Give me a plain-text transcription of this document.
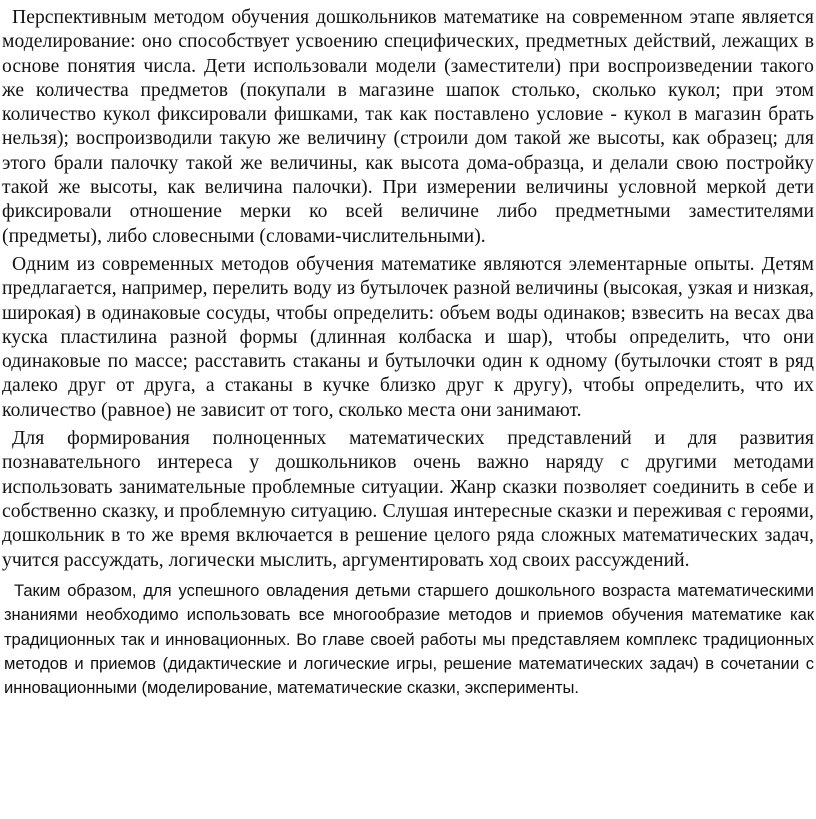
Перспективным методом обучения дошкольников математике на современном этапе является моделирование: оно способствует усвоению специфических, предметных действий, лежащих в основе понятия числа. Дети использовали модели (заместители) при воспроизведении такого же количества предметов (покупали в магазине шапок столько, сколько кукол; при этом количество кукол фиксировали фишками, так как поставлено условие - кукол в магазин брать нельзя); воспроизводили такую же величину (строили дом такой же высоты, как образец; для этого брали палочку такой же величины, как высота дома-образца, и делали свою постройку такой же высоты, как величина палочки). При измерении величины условной меркой дети фиксировали отношение мерки ко всей величине либо предметными заместителями (предметы), либо словесными (словами-числительными).

Одним из современных методов обучения математике являются элементарные опыты. Детям предлагается, например, перелить воду из бутылочек разной величины (высокая, узкая и низкая, широкая) в одинаковые сосуды, чтобы определить: объем воды одинаков; взвесить на весах два куска пластилина разной формы (длинная колбаска и шар), чтобы определить, что они одинаковые по массе; расставить стаканы и бутылочки один к одному (бутылочки стоят в ряд далеко друг от друга, а стаканы в кучке близко друг к другу), чтобы определить, что их количество (равное) не зависит от того, сколько места они занимают.

Для формирования полноценных математических представлений и для развития познавательного интереса у дошкольников очень важно наряду с другими методами использовать занимательные проблемные ситуации. Жанр сказки позволяет соединить в себе и собственно сказку, и проблемную ситуацию. Слушая интересные сказки и переживая с героями, дошкольник в то же время включается в решение целого ряда сложных математических задач, учится рассуждать, логически мыслить, аргументировать ход своих рассуждений.

Таким образом, для успешного овладения детьми старшего дошкольного возраста математическими знаниями необходимо использовать все многообразие методов и приемов обучения математике как традиционных так и инновационных. Во главе своей работы мы представляем комплекс традиционных методов и приемов (дидактические и логические игры, решение математических задач) в сочетании с инновационными (моделирование, математические сказки, эксперименты.
